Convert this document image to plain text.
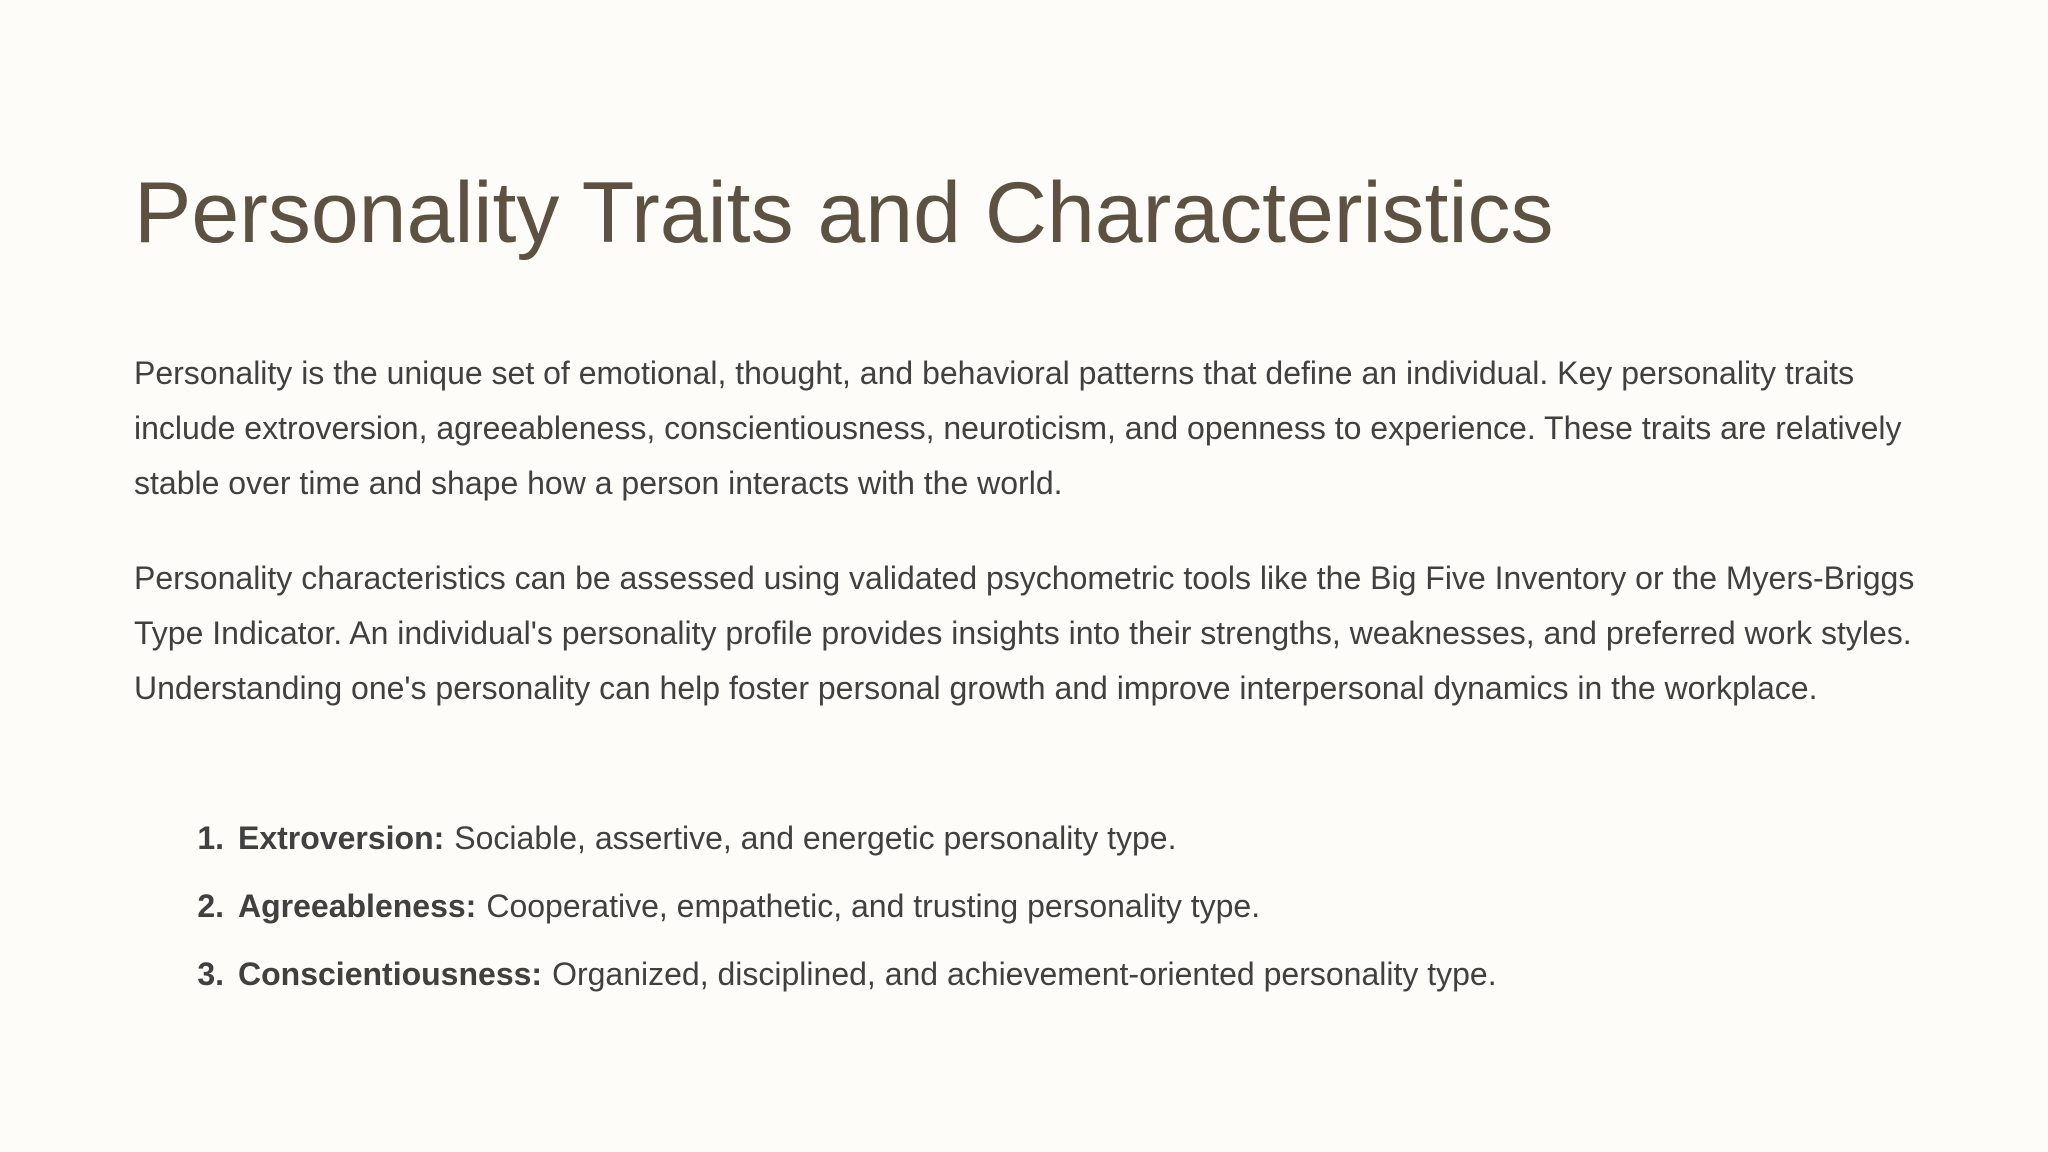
Personality Traits and Characteristics

Personality is the unique set of emotional, thought, and behavioral patterns that define an individual. Key personality traits include extroversion, agreeableness, conscientiousness, neuroticism, and openness to experience. These traits are relatively stable over time and shape how a person interacts with the world.

Personality characteristics can be assessed using validated psychometric tools like the Big Five Inventory or the Myers-Briggs Type Indicator. An individual's personality profile provides insights into their strengths, weaknesses, and preferred work styles. Understanding one's personality can help foster personal growth and improve interpersonal dynamics in the workplace.

1. Extroversion: Sociable, assertive, and energetic personality type.
2. Agreeableness: Cooperative, empathetic, and trusting personality type.
3. Conscientiousness: Organized, disciplined, and achievement-oriented personality type.
